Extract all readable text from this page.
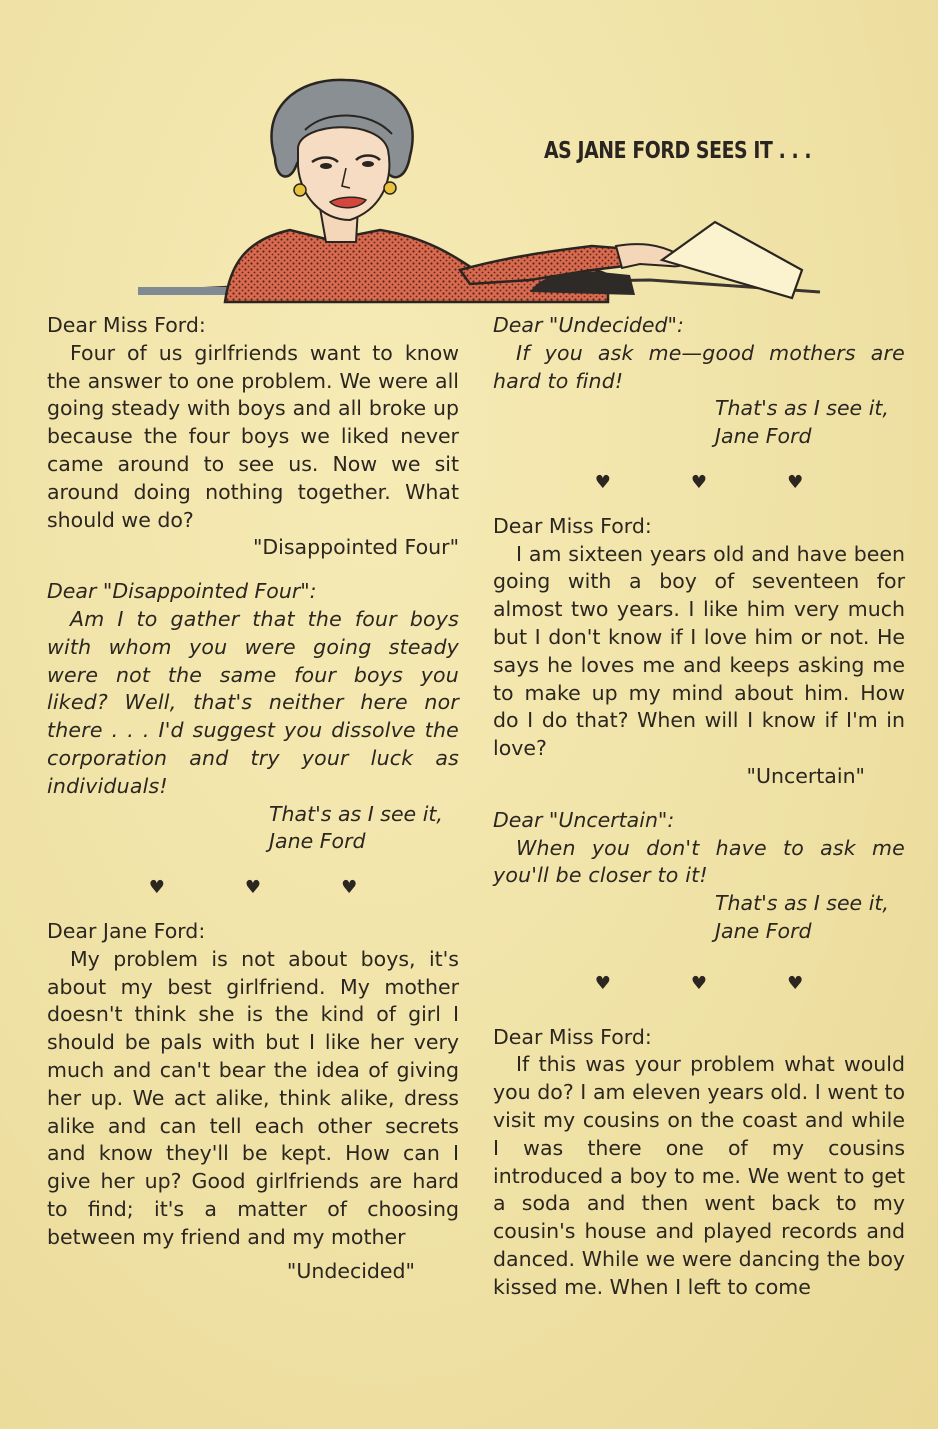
AS JANE FORD SEES IT . . .

Dear Miss Ford:

Four of us girlfriends want to know the answer to one problem. We were all going steady with boys and all broke up because the four boys we liked never came around to see us. Now we sit around doing nothing together. What should we do?

"Disappointed Four"

Dear "Disappointed Four":

Am I to gather that the four boys with whom you were going steady were not the same four boys you liked? Well, that's neither here nor there . . . I'd suggest you dissolve the corporation and try your luck as individuals!

That's as I see it,

Jane Ford

♥	♥	♥

Dear Jane Ford:

My problem is not about boys, it's about my best girlfriend. My mother doesn't think she is the kind of girl I should be pals with but I like her very much and can't bear the idea of giving her up. We act alike, think alike, dress alike and can tell each other secrets and know they'll be kept. How can I give her up? Good girlfriends are hard to find; it's a matter of choosing between my friend and my mother

"Undecided"

Dear "Undecided":

If you ask me—good mothers are hard to find!

That's as I see it,

Jane Ford

♥	♥	♥

Dear Miss Ford:

I am sixteen years old and have been going with a boy of seventeen for almost two years. I like him very much but I don't know if I love him or not. He says he loves me and keeps asking me to make up my mind about him. How do I do that? When will I know if I'm in love?

"Uncertain"

Dear "Uncertain":

When you don't have to ask me you'll be closer to it!

That's as I see it,

Jane Ford

♥	♥	♥

Dear Miss Ford:

If this was your problem what would you do? I am eleven years old. I went to visit my cousins on the coast and while I was there one of my cousins introduced a boy to me. We went to get a soda and then went back to my cousin's house and played records and danced. While we were dancing the boy kissed me. When I left to come
